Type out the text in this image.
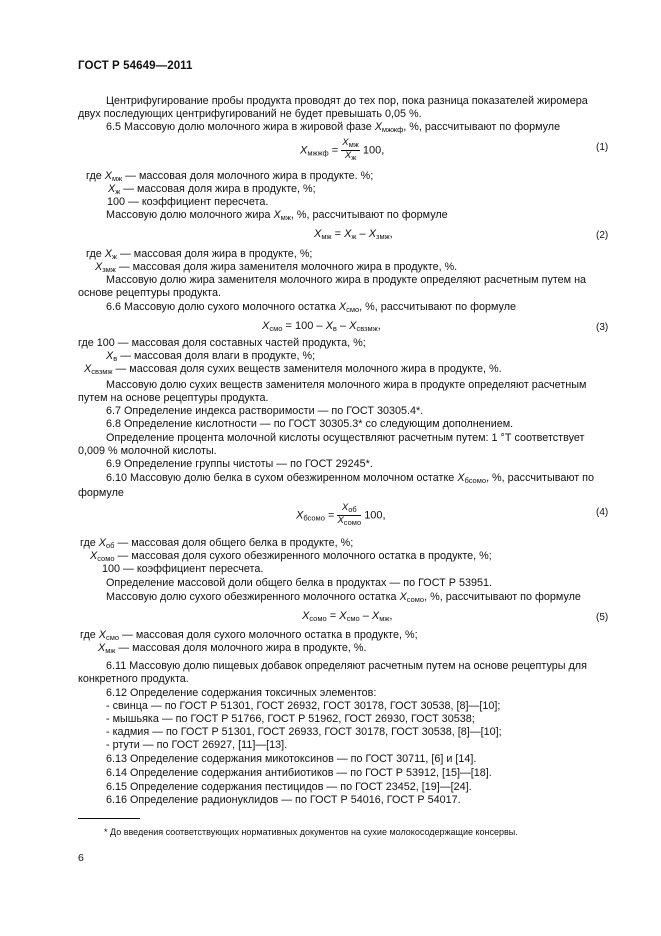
ГОСТ Р 54649—2011
Центрифугирование пробы продукта проводят до тех пор, пока разница показателей жиромера
двух последующих центрифугирований не будет превышать 0,05 %.
6.5 Массовую долю молочного жира в жировой фазе $X_{мжжф}$, %, рассчитывают по формуле
$X_{мжжф} = \frac{X_{мж}}{X_ж} 100$,	(1)
где $X_{мж}$ — массовая доля молочного жира в продукте. %;
$X_ж$ — массовая доля жира в продукте, %;
100 — коэффициент пересчета.
Массовую долю молочного жира $X_{мж}$, %, рассчитывают по формуле
$X_{мж} = X_ж - X_{змж}$,	(2)
где $X_ж$ — массовая доля жира в продукте, %;
$X_{змж}$ — массовая доля жира заменителя молочного жира в продукте, %.
Массовую долю жира заменителя молочного жира в продукте определяют расчетным путем на
основе рецептуры продукта.
6.6 Массовую долю сухого молочного остатка $X_{смо}$, %, рассчитывают по формуле
$X_{смо} = 100 - X_в - X_{свзмж}$,	(3)
где 100 — массовая доля составных частей продукта, %;
$X_в$ — массовая доля влаги в продукте, %;
$X_{свзмж}$ — массовая доля сухих веществ заменителя молочного жира в продукте, %.
Массовую долю сухих веществ заменителя молочного жира в продукте определяют расчетным
путем на основе рецептуры продукта.
6.7 Определение индекса растворимости — по ГОСТ 30305.4*.
6.8 Определение кислотности — по ГОСТ 30305.3* со следующим дополнением.
Определение процента молочной кислоты осуществляют расчетным путем: 1 °Т соответствует
0,009 % молочной кислоты.
6.9 Определение группы чистоты — по ГОСТ 29245*.
6.10 Массовую долю белка в сухом обезжиренном молочном остатке $X_{бсомо}$, %, рассчитывают по
формуле
$X_{бсомо} = \frac{X_{об}}{X_{сомо}} 100$,	(4)
где $X_{об}$ — массовая доля общего белка в продукте, %;
$X_{сомо}$ — массовая доля сухого обезжиренного молочного остатка в продукте, %;
100 — коэффициент пересчета.
Определение массовой доли общего белка в продуктах — по ГОСТ Р 53951.
Массовую долю сухого обезжиренного молочного остатка $X_{сомо}$, %, рассчитывают по формуле
$X_{сомо} = X_{смо} - X_{мж}$,	(5)
где $X_{смо}$ — массовая доля сухого молочного остатка в продукте, %;
$X_{мж}$ — массовая доля молочного жира в продукте, %.
6.11 Массовую долю пищевых добавок определяют расчетным путем на основе рецептуры для
конкретного продукта.
6.12 Определение содержания токсичных элементов:
- свинца — по ГОСТ Р 51301, ГОСТ 26932, ГОСТ 30178, ГОСТ 30538, [8]—[10];
- мышьяка — по ГОСТ Р 51766, ГОСТ Р 51962, ГОСТ 26930, ГОСТ 30538;
- кадмия — по ГОСТ Р 51301, ГОСТ 26933, ГОСТ 30178, ГОСТ 30538, [8]—[10];
- ртути — по ГОСТ 26927, [11]—[13].
6.13 Определение содержания микотоксинов — по ГОСТ 30711, [6] и [14].
6.14 Определение содержания антибиотиков — по ГОСТ Р 53912, [15]—[18].
6.15 Определение содержания пестицидов — по ГОСТ 23452, [19]—[24].
6.16 Определение радионуклидов — по ГОСТ Р 54016, ГОСТ Р 54017.
* До введения соответствующих нормативных документов на сухие молокосодержащие консервы.
6
